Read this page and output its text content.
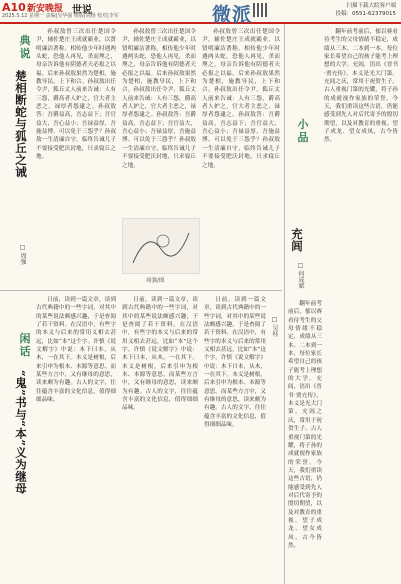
A10 新安晚报 世说
2025.5.12 星期一 责编|吴华强 组版|胡杨 校对|李军	微派	扫描下载大皖客户端
投稿：0551-62379015
典
说
楚相断蛇与狐丘之诫
□ 周强

孙叔敖曾三次出任楚国令尹，辅佐楚庄王成就霸业，以贤明廉洁著称。相传他少年时遇两头蛇，恐他人再见，杀而埋之，母亲告诉他有阴德者天必报之以福。后来孙叔敖果然为楚相，施教导民，上下和合。孙叔敖出任令尹，狐丘丈人前来告诫：人有三怨，爵高者人妒之，官大者主恶之，禄厚者怨逮之。孙叔敖答：吾爵益高，吾志益下；吾官益大，吾心益小；吾禄益厚，吾施益博。可以免于三怨乎？孙叔敖一生清廉自守，临终告诫儿子不要接受肥沃封地，只求寝丘之地。

孙叔敖曾三次出任楚国令尹，辅佐楚庄王成就霸业，以贤明廉洁著称。相传他少年时遇两头蛇，恐他人再见，杀而埋之，母亲告诉他有阴德者天必报之以福。后来孙叔敖果然为楚相，施教导民，上下和合。孙叔敖出任令尹，狐丘丈人前来告诫：人有三怨，爵高者人妒之，官大者主恶之，禄厚者怨逮之。孙叔敖答：吾爵益高，吾志益下；吾官益大，吾心益小；吾禄益厚，吾施益博。可以免于三怨乎？孙叔敖一生清廉自守，临终告诫儿子不要接受肥沃封地，只求寝丘之地。

孙叔敖曾三次出任楚国令尹，辅佐楚庄王成就霸业，以贤明廉洁著称。相传他少年时遇两头蛇，恐他人再见，杀而埋之，母亲告诉他有阴德者天必报之以福。后来孙叔敖果然为楚相，施教导民，上下和合。孙叔敖出任令尹，狐丘丈人前来告诫：人有三怨，爵高者人妒之，官大者主恶之，禄厚者怨逮之。孙叔敖答：吾爵益高，吾志益下；吾官益大，吾心益小；吾禄益厚，吾施益博。可以免于三怨乎？孙叔敖一生清廉自守，临终告诫儿子不要接受肥沃封地，只求寝丘之地。

周强/图
闲
话
“鬼”书与“本”义为继母

日前，读到一篇文章，谈到古代典籍中的一些字词，对其中的某些说法颇感兴趣，于是查阅了若干资料。在汉语中，有些字的本义与后来的常用义相去甚远，比如“本”这个字。许慎《说文解字》中说：木下曰本，从木，一在其下。本义是树根，后来引申为根本、本源等意思。而某些方言中，又有继母的意思，读来颇为有趣。古人的文字，往往蕴含丰富的文化信息，值得细细品味。

日前，读到一篇文章，谈到古代典籍中的一些字词，对其中的某些说法颇感兴趣，于是查阅了若干资料。在汉语中，有些字的本义与后来的常用义相去甚远，比如“本”这个字。许慎《说文解字》中说：木下曰本，从木，一在其下。本义是树根，后来引申为根本、本源等意思。而某些方言中，又有继母的意思，读来颇为有趣。古人的文字，往往蕴含丰富的文化信息，值得细细品味。

日前，读到一篇文章，谈到古代典籍中的一些字词，对其中的某些说法颇感兴趣，于是查阅了若干资料。在汉语中，有些字的本义与后来的常用义相去甚远，比如“本”这个字。许慎《说文解字》中说：木下曰本，从木，一在其下。本义是树根，后来引申为根本、本源等意思。而某些方言中，又有继母的意思，读来颇为有趣。古人的文字，往往蕴含丰富的文化信息，值得细细品味。

□ 吴桂
小
品
充闾
□ 何成斌

翻年前考前后，郁以赛看待考生的父母情绪不稳定，成绩从三本、二本到一本，每位家长希望自己的孩子能考上理想的大学。充闾，语出《晋书·贾充传》，本义是光大门第。充闾之庆，常用于祝贺生子。古人重视门第的光耀，将子孙的成就视作家族的荣誉。今天，我们重读这些古语，仍能感受到先人对后代寄予的殷切期望，以及对教育的重视。望子成龙、望女成凤，古今皆然。

翻年前考前后，郁以赛看待考生的父母情绪不稳定，成绩从三本、二本到一本，每位家长希望自己的孩子能考上理想的大学。充闾，语出《晋书·贾充传》，本义是光大门第。充闾之庆，常用于祝贺生子。古人重视门第的光耀，将子孙的成就视作家族的荣誉。今天，我们重读这些古语，仍能感受到先人对后代寄予的殷切期望，以及对教育的重视。望子成龙、望女成凤，古今皆然。
